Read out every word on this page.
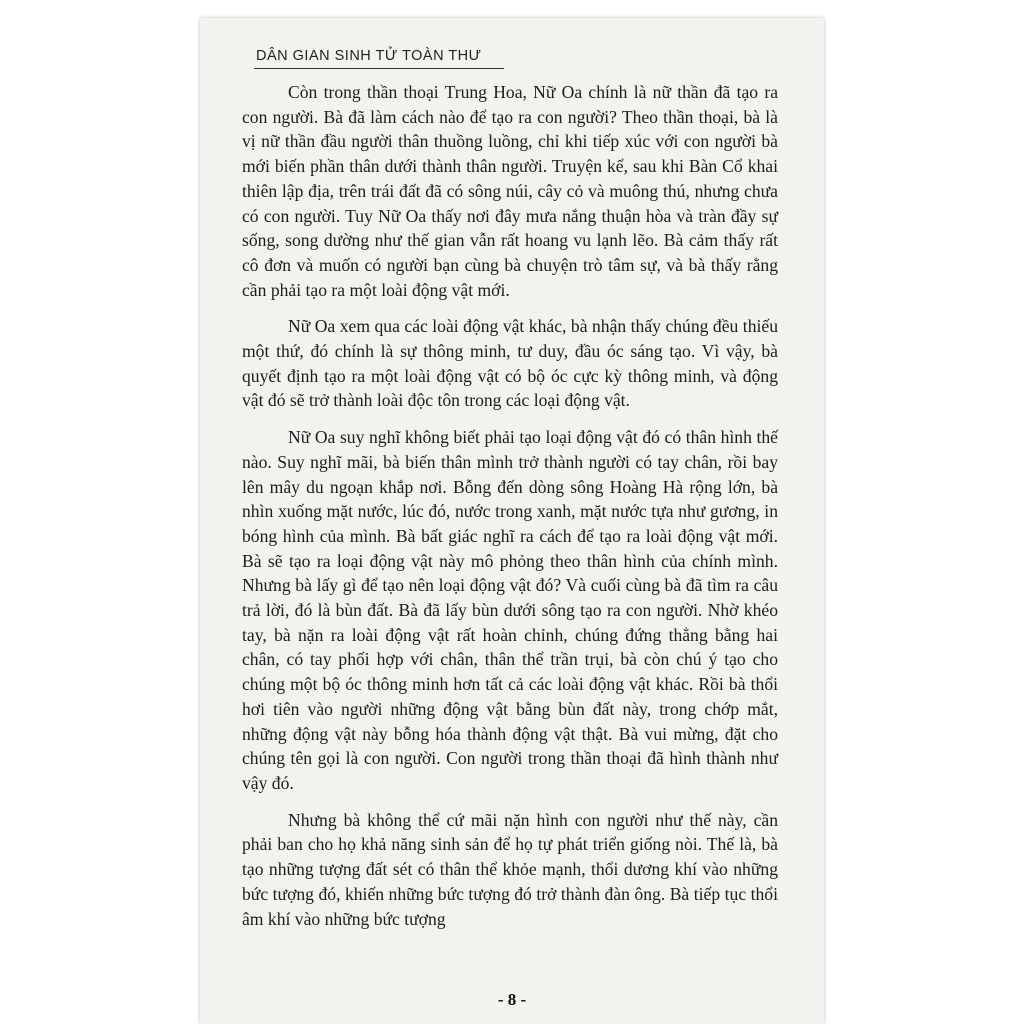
DÂN GIAN SINH TỬ TOÀN THƯ

Còn trong thần thoại Trung Hoa, Nữ Oa chính là nữ thần đã tạo ra con người. Bà đã làm cách nào để tạo ra con người? Theo thần thoại, bà là vị nữ thần đầu người thân thuồng luồng, chỉ khi tiếp xúc với con người bà mới biến phần thân dưới thành thân người. Truyện kể, sau khi Bàn Cổ khai thiên lập địa, trên trái đất đã có sông núi, cây cỏ và muông thú, nhưng chưa có con người. Tuy Nữ Oa thấy nơi đây mưa nắng thuận hòa và tràn đầy sự sống, song dường như thế gian vẫn rất hoang vu lạnh lẽo. Bà cảm thấy rất cô đơn và muốn có người bạn cùng bà chuyện trò tâm sự, và bà thấy rằng cần phải tạo ra một loài động vật mới.

Nữ Oa xem qua các loài động vật khác, bà nhận thấy chúng đều thiếu một thứ, đó chính là sự thông minh, tư duy, đầu óc sáng tạo. Vì vậy, bà quyết định tạo ra một loài động vật có bộ óc cực kỳ thông minh, và động vật đó sẽ trở thành loài độc tôn trong các loại động vật.

Nữ Oa suy nghĩ không biết phải tạo loại động vật đó có thân hình thế nào. Suy nghĩ mãi, bà biến thân mình trở thành người có tay chân, rồi bay lên mây du ngoạn khắp nơi. Bỗng đến dòng sông Hoàng Hà rộng lớn, bà nhìn xuống mặt nước, lúc đó, nước trong xanh, mặt nước tựa như gương, in bóng hình của mình. Bà bất giác nghĩ ra cách để tạo ra loài động vật mới. Bà sẽ tạo ra loại động vật này mô phỏng theo thân hình của chính mình. Nhưng bà lấy gì để tạo nên loại động vật đó? Và cuối cùng bà đã tìm ra câu trả lời, đó là bùn đất. Bà đã lấy bùn dưới sông tạo ra con người. Nhờ khéo tay, bà nặn ra loài động vật rất hoàn chỉnh, chúng đứng thẳng bằng hai chân, có tay phối hợp với chân, thân thể trần trụi, bà còn chú ý tạo cho chúng một bộ óc thông minh hơn tất cả các loài động vật khác. Rồi bà thổi hơi tiên vào người những động vật bằng bùn đất này, trong chớp mắt, những động vật này bỗng hóa thành động vật thật. Bà vui mừng, đặt cho chúng tên gọi là con người. Con người trong thần thoại đã hình thành như vậy đó.

Nhưng bà không thể cứ mãi nặn hình con người như thế này, cần phải ban cho họ khả năng sinh sản để họ tự phát triển giống nòi. Thế là, bà tạo những tượng đất sét có thân thể khỏe mạnh, thổi dương khí vào những bức tượng đó, khiến những bức tượng đó trở thành đàn ông. Bà tiếp tục thổi âm khí vào những bức tượng

- 8 -
